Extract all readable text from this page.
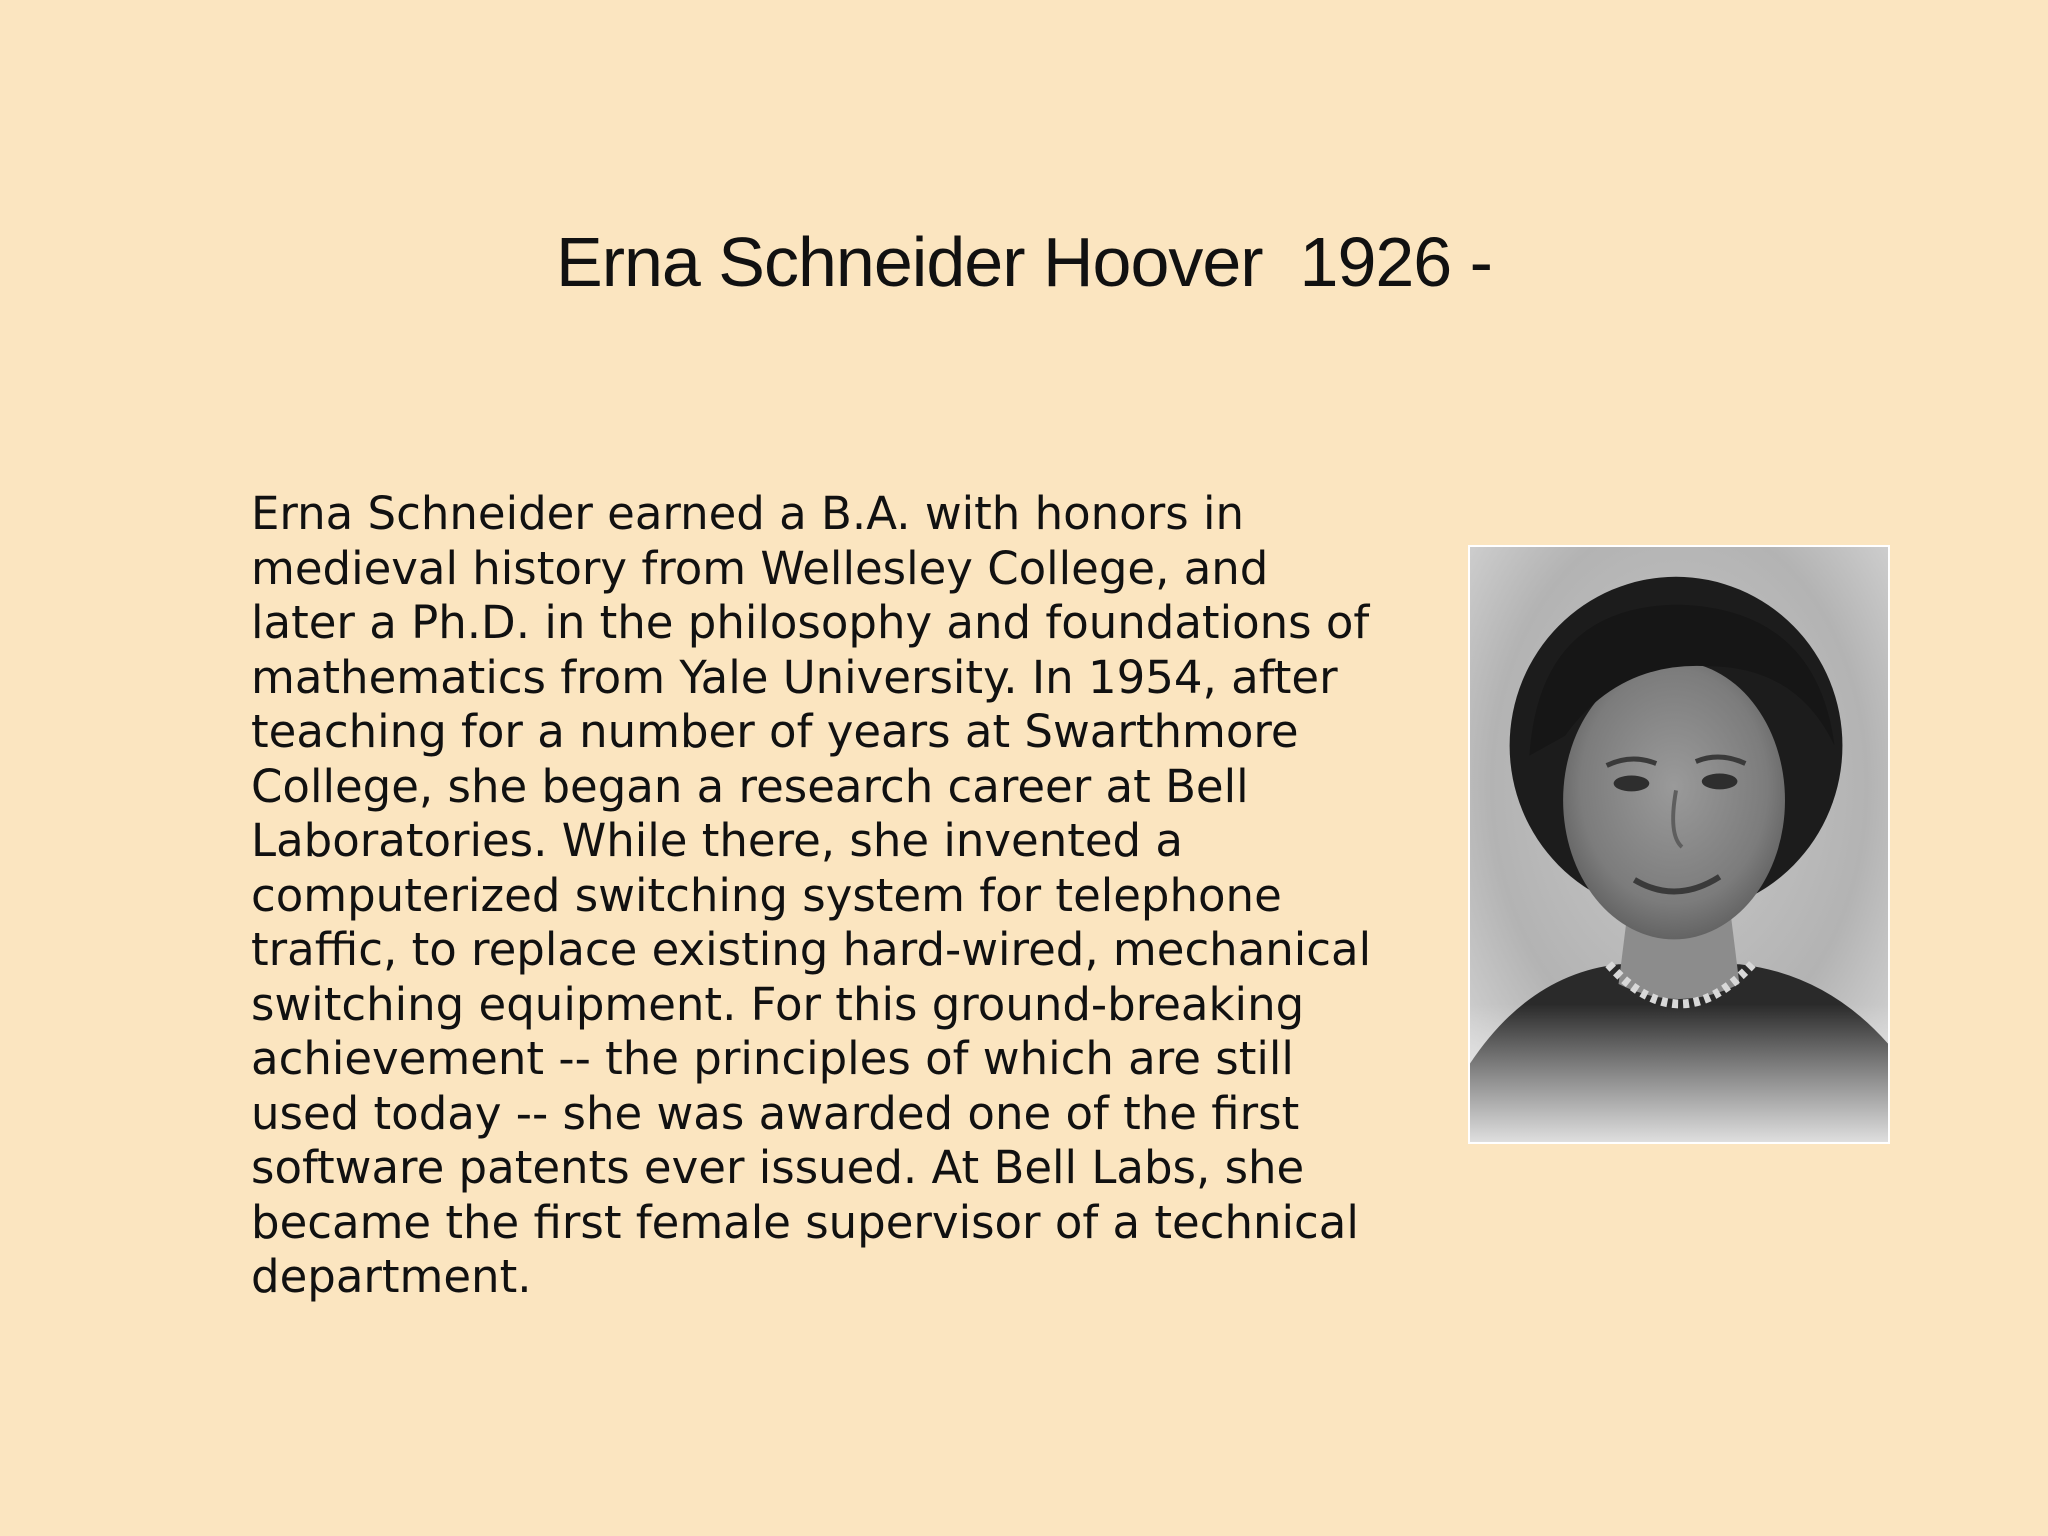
Erna Schneider Hoover  1926 -
Erna Schneider earned a B.A. with honors in
medieval history from Wellesley College, and
later a Ph.D. in the philosophy and foundations of
mathematics from Yale University. In 1954, after
teaching for a number of years at Swarthmore
College, she began a research career at Bell
Laboratories. While there, she invented a
computerized switching system for telephone
traffic, to replace existing hard-wired, mechanical
switching equipment. For this ground-breaking
achievement -- the principles of which are still
used today -- she was awarded one of the first
software patents ever issued. At Bell Labs, she
became the first female supervisor of a technical
department.
